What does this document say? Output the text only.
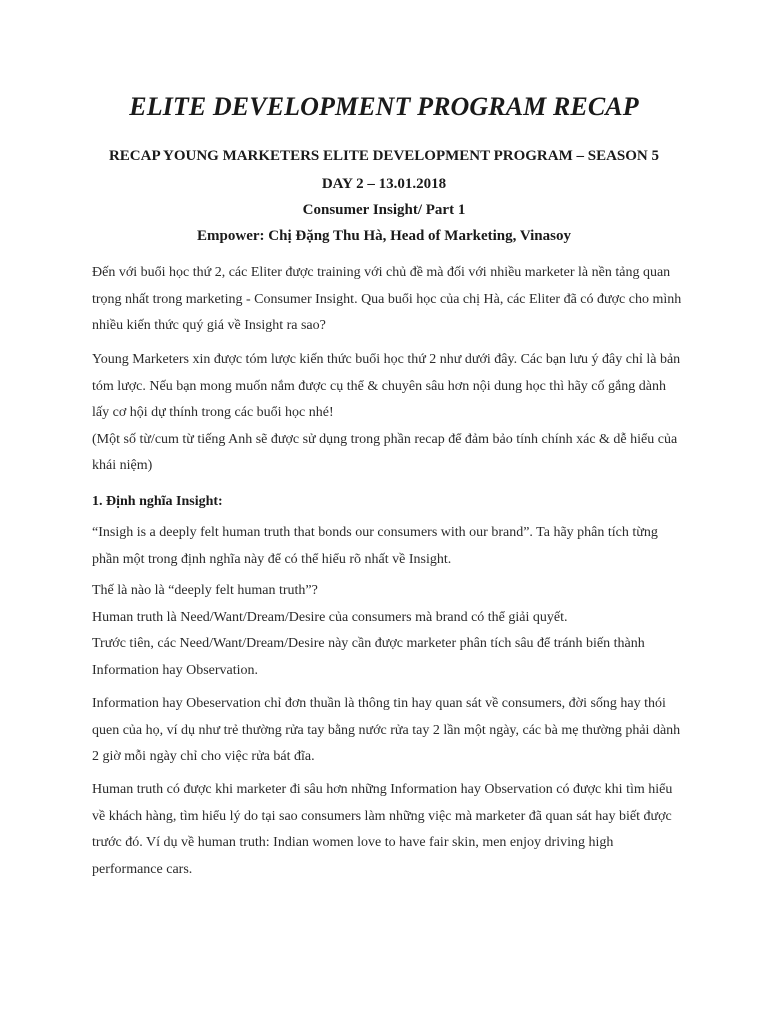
ELITE DEVELOPMENT PROGRAM RECAP

RECAP YOUNG MARKETERS ELITE DEVELOPMENT PROGRAM – SEASON 5

DAY 2 – 13.01.2018

Consumer Insight/ Part 1

Empower: Chị Đặng Thu Hà, Head of Marketing, Vinasoy

Đến với buổi học thứ 2, các Eliter được training với chủ đề mà đối với nhiều marketer là nền tảng quan trọng nhất trong marketing - Consumer Insight. Qua buổi học của chị Hà, các Eliter đã có được cho mình nhiều kiến thức quý giá về Insight ra sao?

Young Marketers xin được tóm lược kiến thức buổi học thứ 2 như dưới đây. Các bạn lưu ý đây chỉ là bản tóm lược. Nếu bạn mong muốn nắm được cụ thể & chuyên sâu hơn nội dung học thì hãy cố gắng dành lấy cơ hội dự thính trong các buổi học nhé!
(Một số từ/cum từ tiếng Anh sẽ được sử dụng trong phần recap để đảm bảo tính chính xác & dễ hiểu của khái niệm)

1. Định nghĩa Insight:

“Insigh is a deeply felt human truth that bonds our consumers with our brand”. Ta hãy phân tích từng phần một trong định nghĩa này để có thể hiểu rõ nhất về Insight.

Thế là nào là “deeply felt human truth”?
Human truth là Need/Want/Dream/Desire của consumers mà brand có thể giải quyết.
Trước tiên, các Need/Want/Dream/Desire này cần được marketer phân tích sâu để tránh biến thành Information hay Observation.

Information hay Obeservation chỉ đơn thuần là thông tin hay quan sát về consumers, đời sống hay thói quen của họ, ví dụ như trẻ thường rửa tay bằng nước rửa tay 2 lần một ngày, các bà mẹ thường phải dành 2 giờ mỗi ngày chỉ cho việc rửa bát đĩa.

Human truth có được khi marketer đi sâu hơn những Information hay Observation có được khi tìm hiểu về khách hàng, tìm hiểu lý do tại sao consumers làm những việc mà marketer đã quan sát hay biết được trước đó. Ví dụ về human truth: Indian women love to have fair skin, men enjoy driving high performance cars.
